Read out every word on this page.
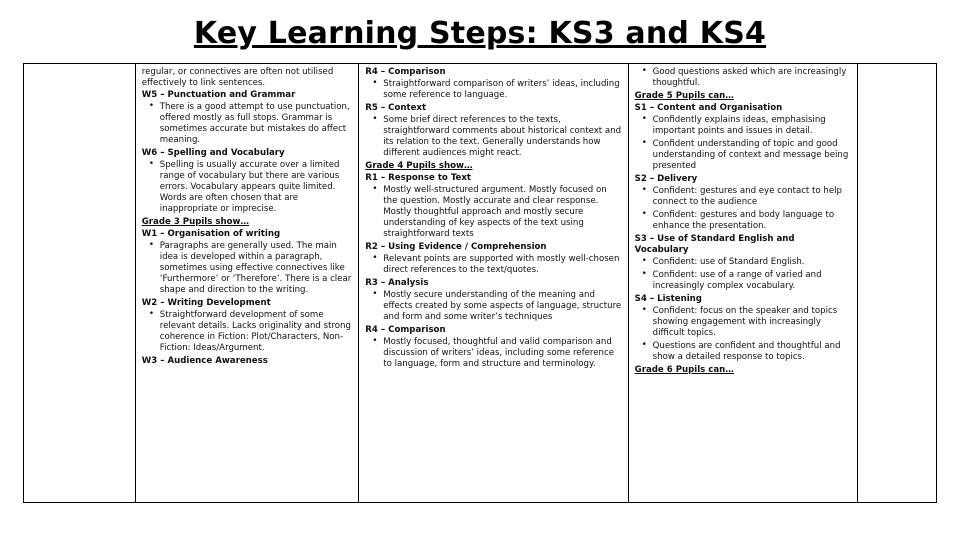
Key Learning Steps: KS3 and KS4

regular, or connectives are often not utilised effectively to link sentences.

W5 – Punctuation and Grammar

• There is a good attempt to use punctuation, offered mostly as full stops. Grammar is sometimes accurate but mistakes do affect meaning.

W6 – Spelling and Vocabulary

• Spelling is usually accurate over a limited range of vocabulary but there are various errors. Vocabulary appears quite limited. Words are often chosen that are inappropriate or imprecise.

Grade 3 Pupils show…

W1 – Organisation of writing

• Paragraphs are generally used. The main idea is developed within a paragraph, sometimes using effective connectives like ‘Furthermore’ or ‘Therefore’. There is a clear shape and direction to the writing.

W2 – Writing Development

• Straightforward development of some relevant details. Lacks originality and strong coherence in Fiction: Plot/Characters, Non-Fiction: Ideas/Argument.

W3 – Audience Awareness

R4 – Comparison

• Straightforward comparison of writers’ ideas, including some reference to language.

R5 – Context

• Some brief direct references to the texts, straightforward comments about historical context and its relation to the text. Generally understands how different audiences might react.

Grade 4 Pupils show…

R1 – Response to Text

• Mostly well-structured argument. Mostly focused on the question. Mostly accurate and clear response. Mostly thoughtful approach and mostly secure understanding of key aspects of the text using straightforward texts

R2 – Using Evidence / Comprehension

• Relevant points are supported with mostly well-chosen direct references to the text/quotes.

R3 – Analysis

• Mostly secure understanding of the meaning and effects created by some aspects of language, structure and form and some writer’s techniques

R4 – Comparison

• Mostly focused, thoughtful and valid comparison and discussion of writers’ ideas, including some reference to language, form and structure and terminology.
• Good questions asked which are increasingly thoughtful.

Grade 5 Pupils can…

S1 – Content and Organisation

• Confidently explains ideas, emphasising important points and issues in detail.
• Confident understanding of topic and good understanding of context and message being presented

S2 – Delivery

• Confident: gestures and eye contact to help connect to the audience
• Confident: gestures and body language to enhance the presentation.

S3 – Use of Standard English and Vocabulary

• Confident: use of Standard English.
• Confident: use of a range of varied and increasingly complex vocabulary.

S4 – Listening

• Confident: focus on the speaker and topics showing engagement with increasingly difficult topics.
• Questions are confident and thoughtful and show a detailed response to topics.

Grade 6 Pupils can…
